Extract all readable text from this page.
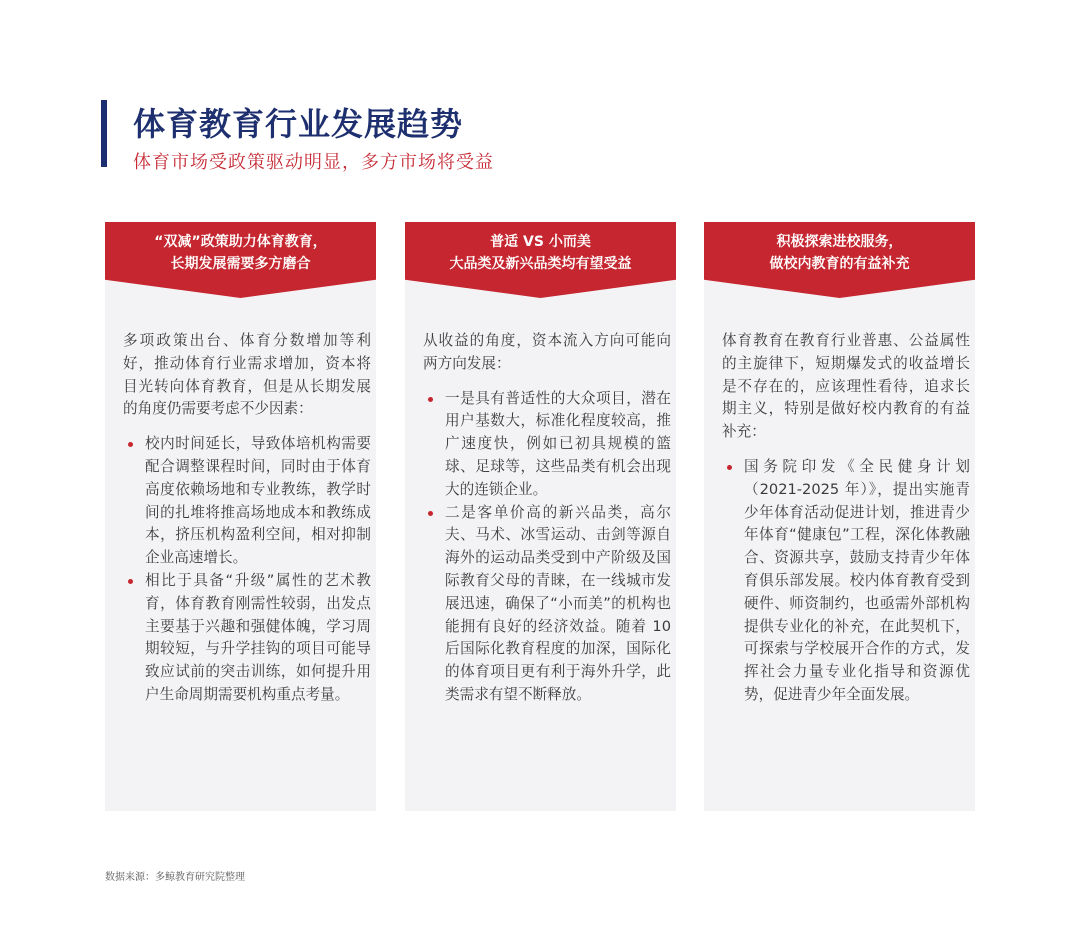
体育教育行业发展趋势
体育市场受政策驱动明显，多方市场将受益
“双减”政策助力体育教育，
长期发展需要多方磨合

多项政策出台、体育分数增加等利好，推动体育行业需求增加，资本将目光转向体育教育，但是从长期发展的角度仍需要考虑不少因素：

校内时间延长，导致体培机构需要配合调整课程时间，同时由于体育高度依赖场地和专业教练，教学时间的扎堆将推高场地成本和教练成本，挤压机构盈利空间，相对抑制企业高速增长。
相比于具备“升级”属性的艺术教育，体育教育刚需性较弱，出发点主要基于兴趣和强健体魄，学习周期较短，与升学挂钩的项目可能导致应试前的突击训练，如何提升用户生命周期需要机构重点考量。
普适 VS 小而美
大品类及新兴品类均有望受益

从收益的角度，资本流入方向可能向两方向发展：

一是具有普适性的大众项目，潜在用户基数大，标准化程度较高，推广速度快，例如已初具规模的篮球、足球等，这些品类有机会出现大的连锁企业。
二是客单价高的新兴品类，高尔夫、马术、冰雪运动、击剑等源自海外的运动品类受到中产阶级及国际教育父母的青睐，在一线城市发展迅速，确保了“小而美”的机构也能拥有良好的经济效益。随着 10 后国际化教育程度的加深，国际化的体育项目更有利于海外升学，此类需求有望不断释放。
积极探索进校服务，
做校内教育的有益补充

体育教育在教育行业普惠、公益属性的主旋律下，短期爆发式的收益增长是不存在的，应该理性看待，追求长期主义，特别是做好校内教育的有益补充：

国务院印发《全民健身计划（2021-2025 年）》，提出实施青少年体育活动促进计划，推进青少年体育“健康包”工程，深化体教融合、资源共享，鼓励支持青少年体育俱乐部发展。校内体育教育受到硬件、师资制约，也亟需外部机构提供专业化的补充，在此契机下，可探索与学校展开合作的方式，发挥社会力量专业化指导和资源优势，促进青少年全面发展。
数据来源：多鲸教育研究院整理
